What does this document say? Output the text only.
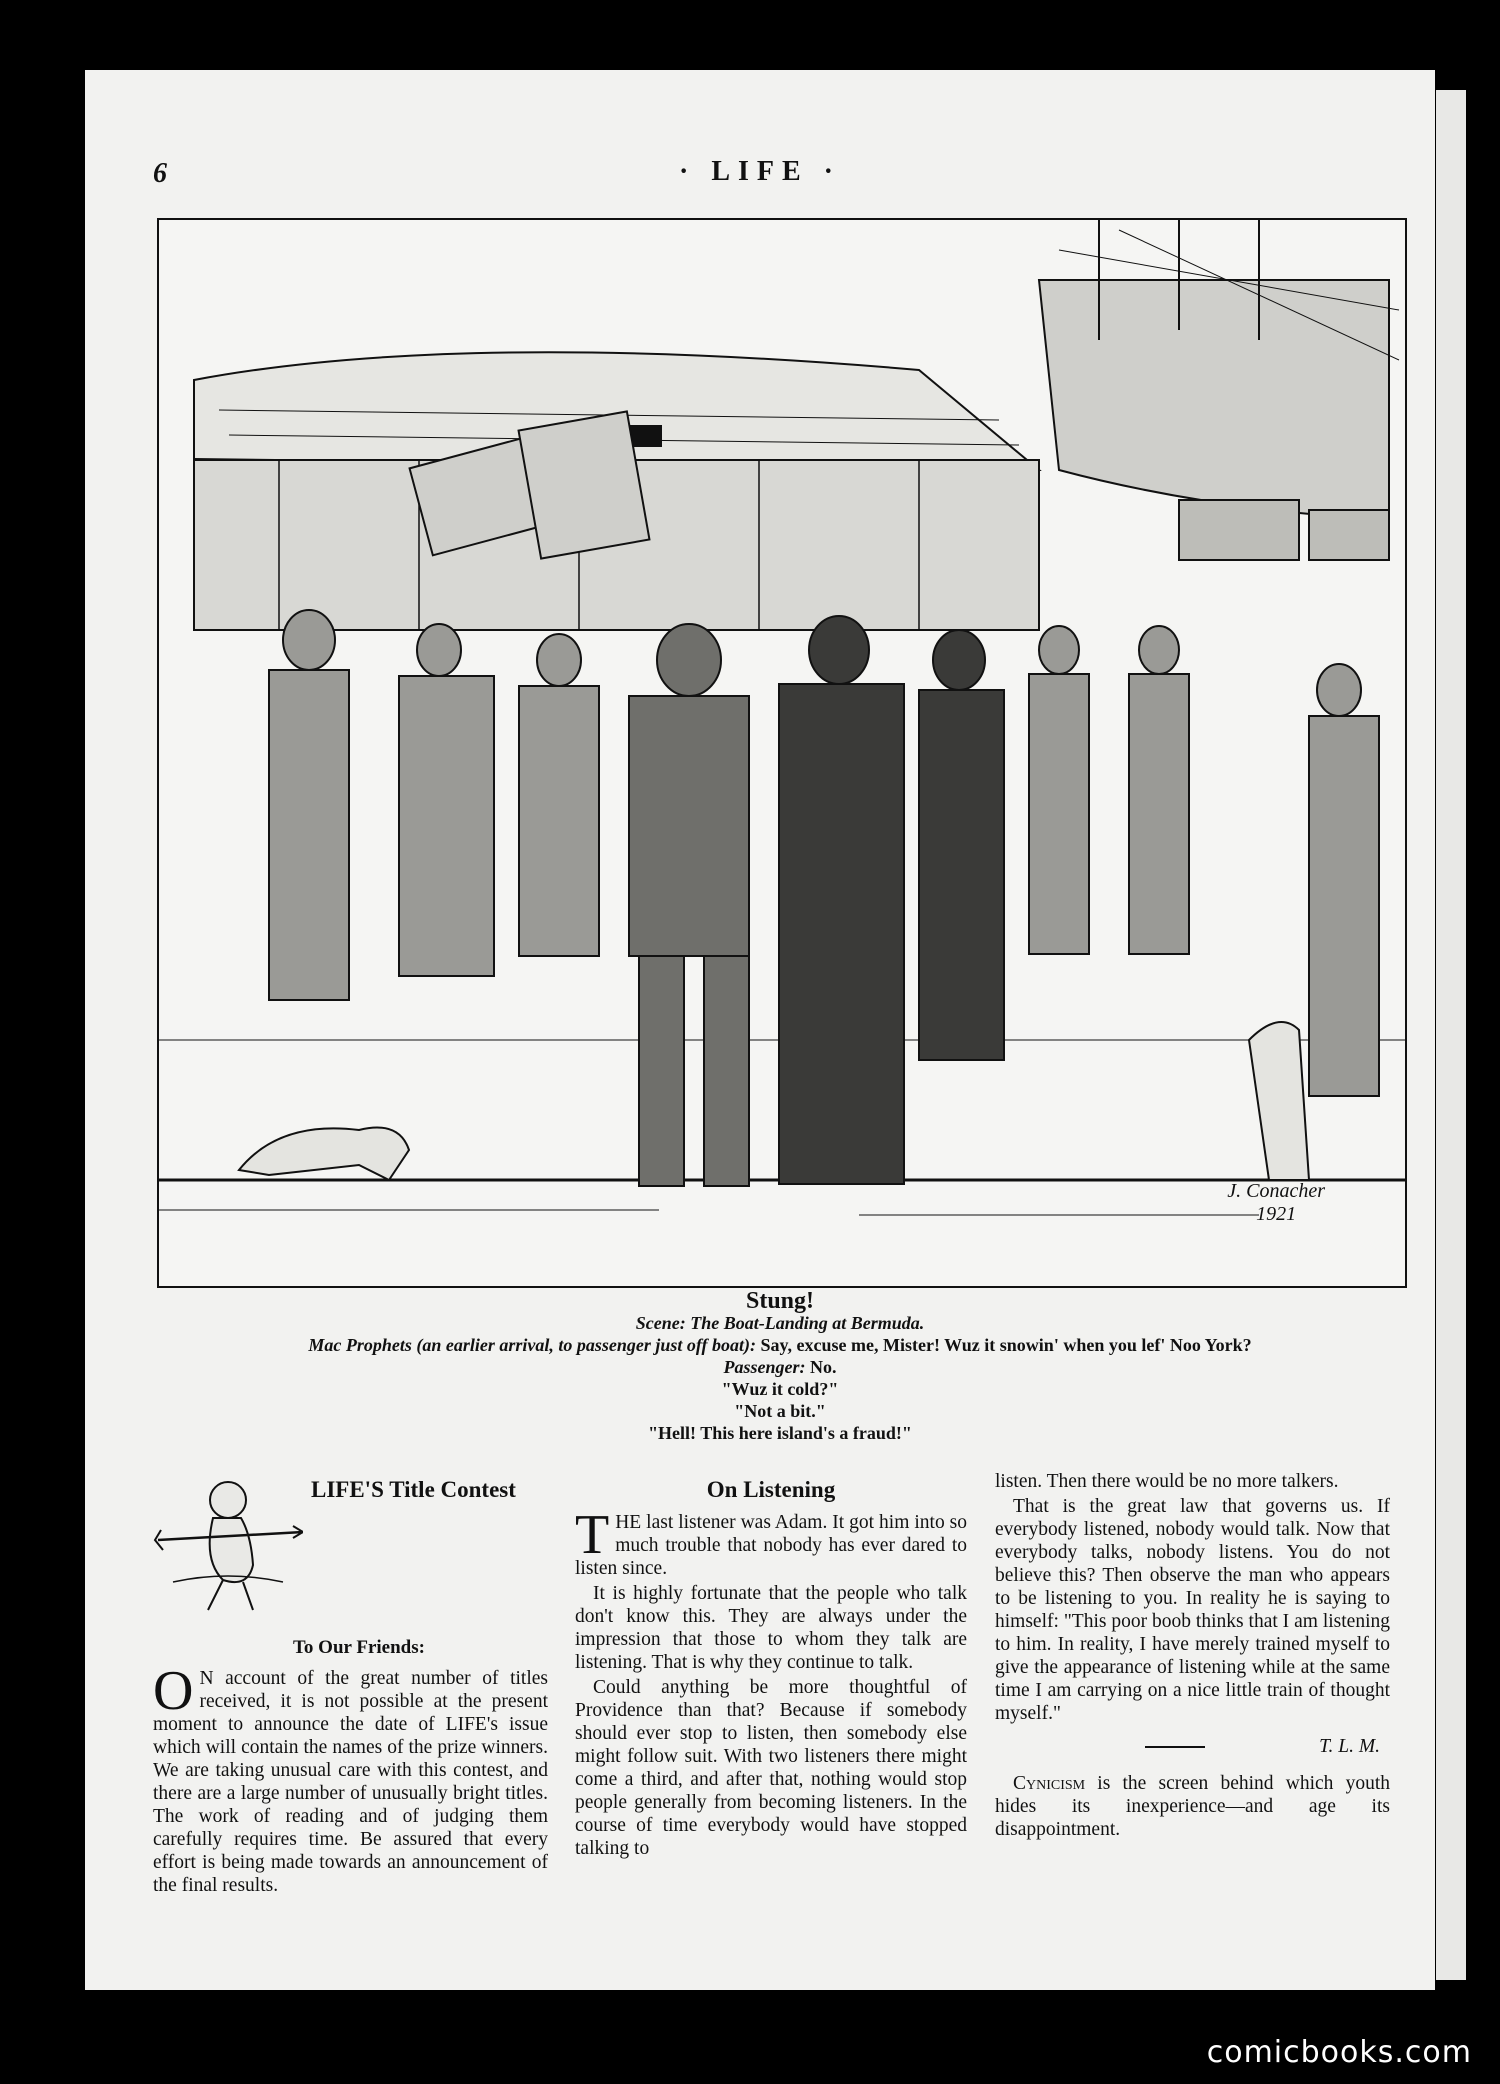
6	· LIFE ·
J. Conacher
1921
Stung!
Scene: The Boat-Landing at Bermuda.
Mac Prophets (an earlier arrival, to passenger just off boat): Say, excuse me, Mister! Wuz it snowin' when you lef' Noo York?
Passenger: No.
"Wuz it cold?"
"Not a bit."
"Hell! This here island's a fraud!"
LIFE'S Title Contest
To Our Friends:

O N account of the great number of titles received, it is not possible at the present moment to announce the date of LIFE's issue which will contain the names of the prize winners. We are taking unusual care with this contest, and there are a large number of unusually bright titles. The work of reading and of judging them carefully requires time. Be assured that every effort is being made towards an announcement of the final results.

On Listening

THE last listener was Adam. It got him into so much trouble that nobody has ever dared to listen since.

It is highly fortunate that the people who talk don't know this. They are always under the impression that those to whom they talk are listening. That is why they continue to talk.

Could anything be more thoughtful of Providence than that? Because if somebody should ever stop to listen, then somebody else might follow suit. With two listeners there might come a third, and after that, nothing would stop people generally from becoming listeners. In the course of time everybody would have stopped talking to

listen. Then there would be no more talkers.

That is the great law that governs us. If everybody listened, nobody would talk. Now that everybody talks, nobody listens. You do not believe this? Then observe the man who appears to be listening to you. In reality he is saying to himself: "This poor boob thinks that I am listening to him. In reality, I have merely trained myself to give the appearance of listening while at the same time I am carrying on a nice little train of thought myself."

T. L. M.

Cynicism is the screen behind which youth hides its inexperience—and age its disappointment.

comicbooks.com
